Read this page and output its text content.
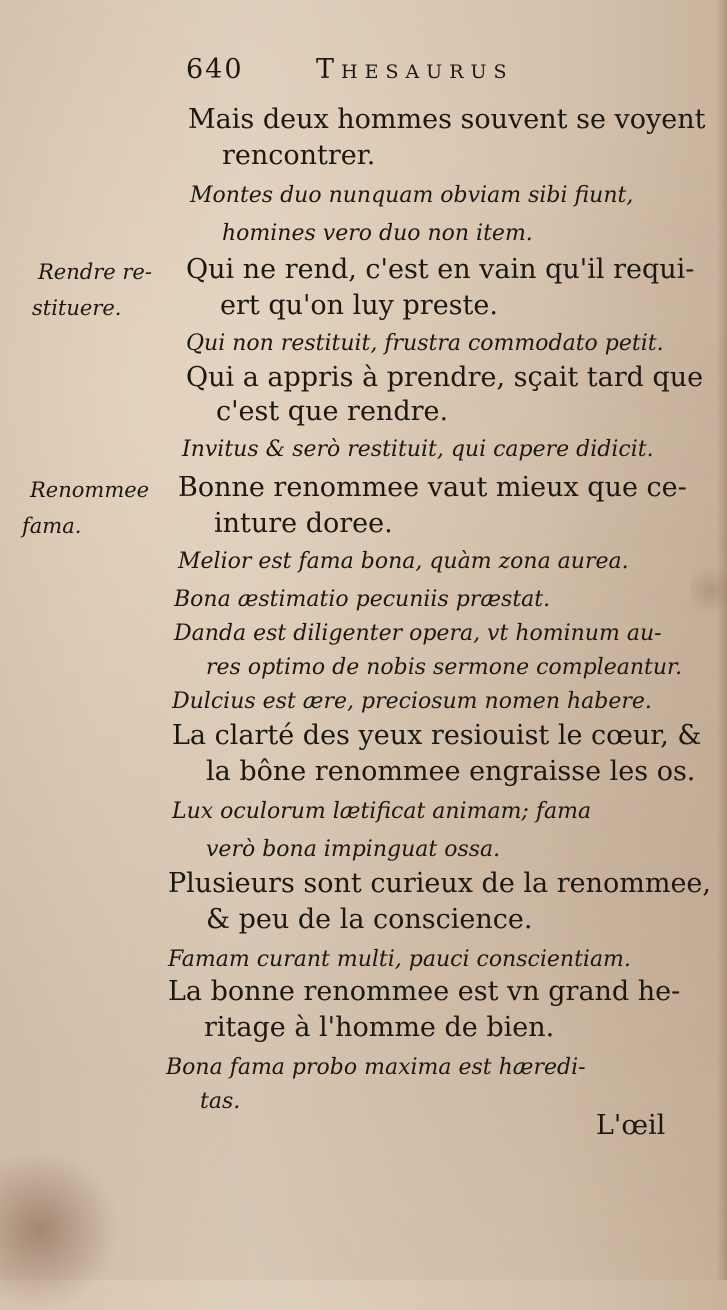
640	Thesaurus
Rendre re-
stituere.
Renommee
fama.
Mais deux hommes souvent se voyent
rencontrer.
Montes duo nunquam obviam sibi fiunt,
homines vero duo non item.
Qui ne rend, c'est en vain qu'il requi-
ert qu'on luy preste.
Qui non restituit, frustra commodato petit.
Qui a appris à prendre, sçait tard que
c'est que rendre.
Invitus & serò restituit, qui capere didicit.
Bonne renommee vaut mieux que ce-
inture doree.
Melior est fama bona, quàm zona aurea.
Bona æstimatio pecuniis præstat.
Danda est diligenter opera, vt hominum au-
res optimo de nobis sermone compleantur.
Dulcius est ære, preciosum nomen habere.
La clarté des yeux resiouist le cœur, &
la bône renommee engraisse les os.
Lux oculorum lætificat animam; fama
verò bona impinguat ossa.
Plusieurs sont curieux de la renommee,
& peu de la conscience.
Famam curant multi, pauci conscientiam.
La bonne renommee est vn grand he-
ritage à l'homme de bien.
Bona fama probo maxima est hæredi-
tas.
L'œil
